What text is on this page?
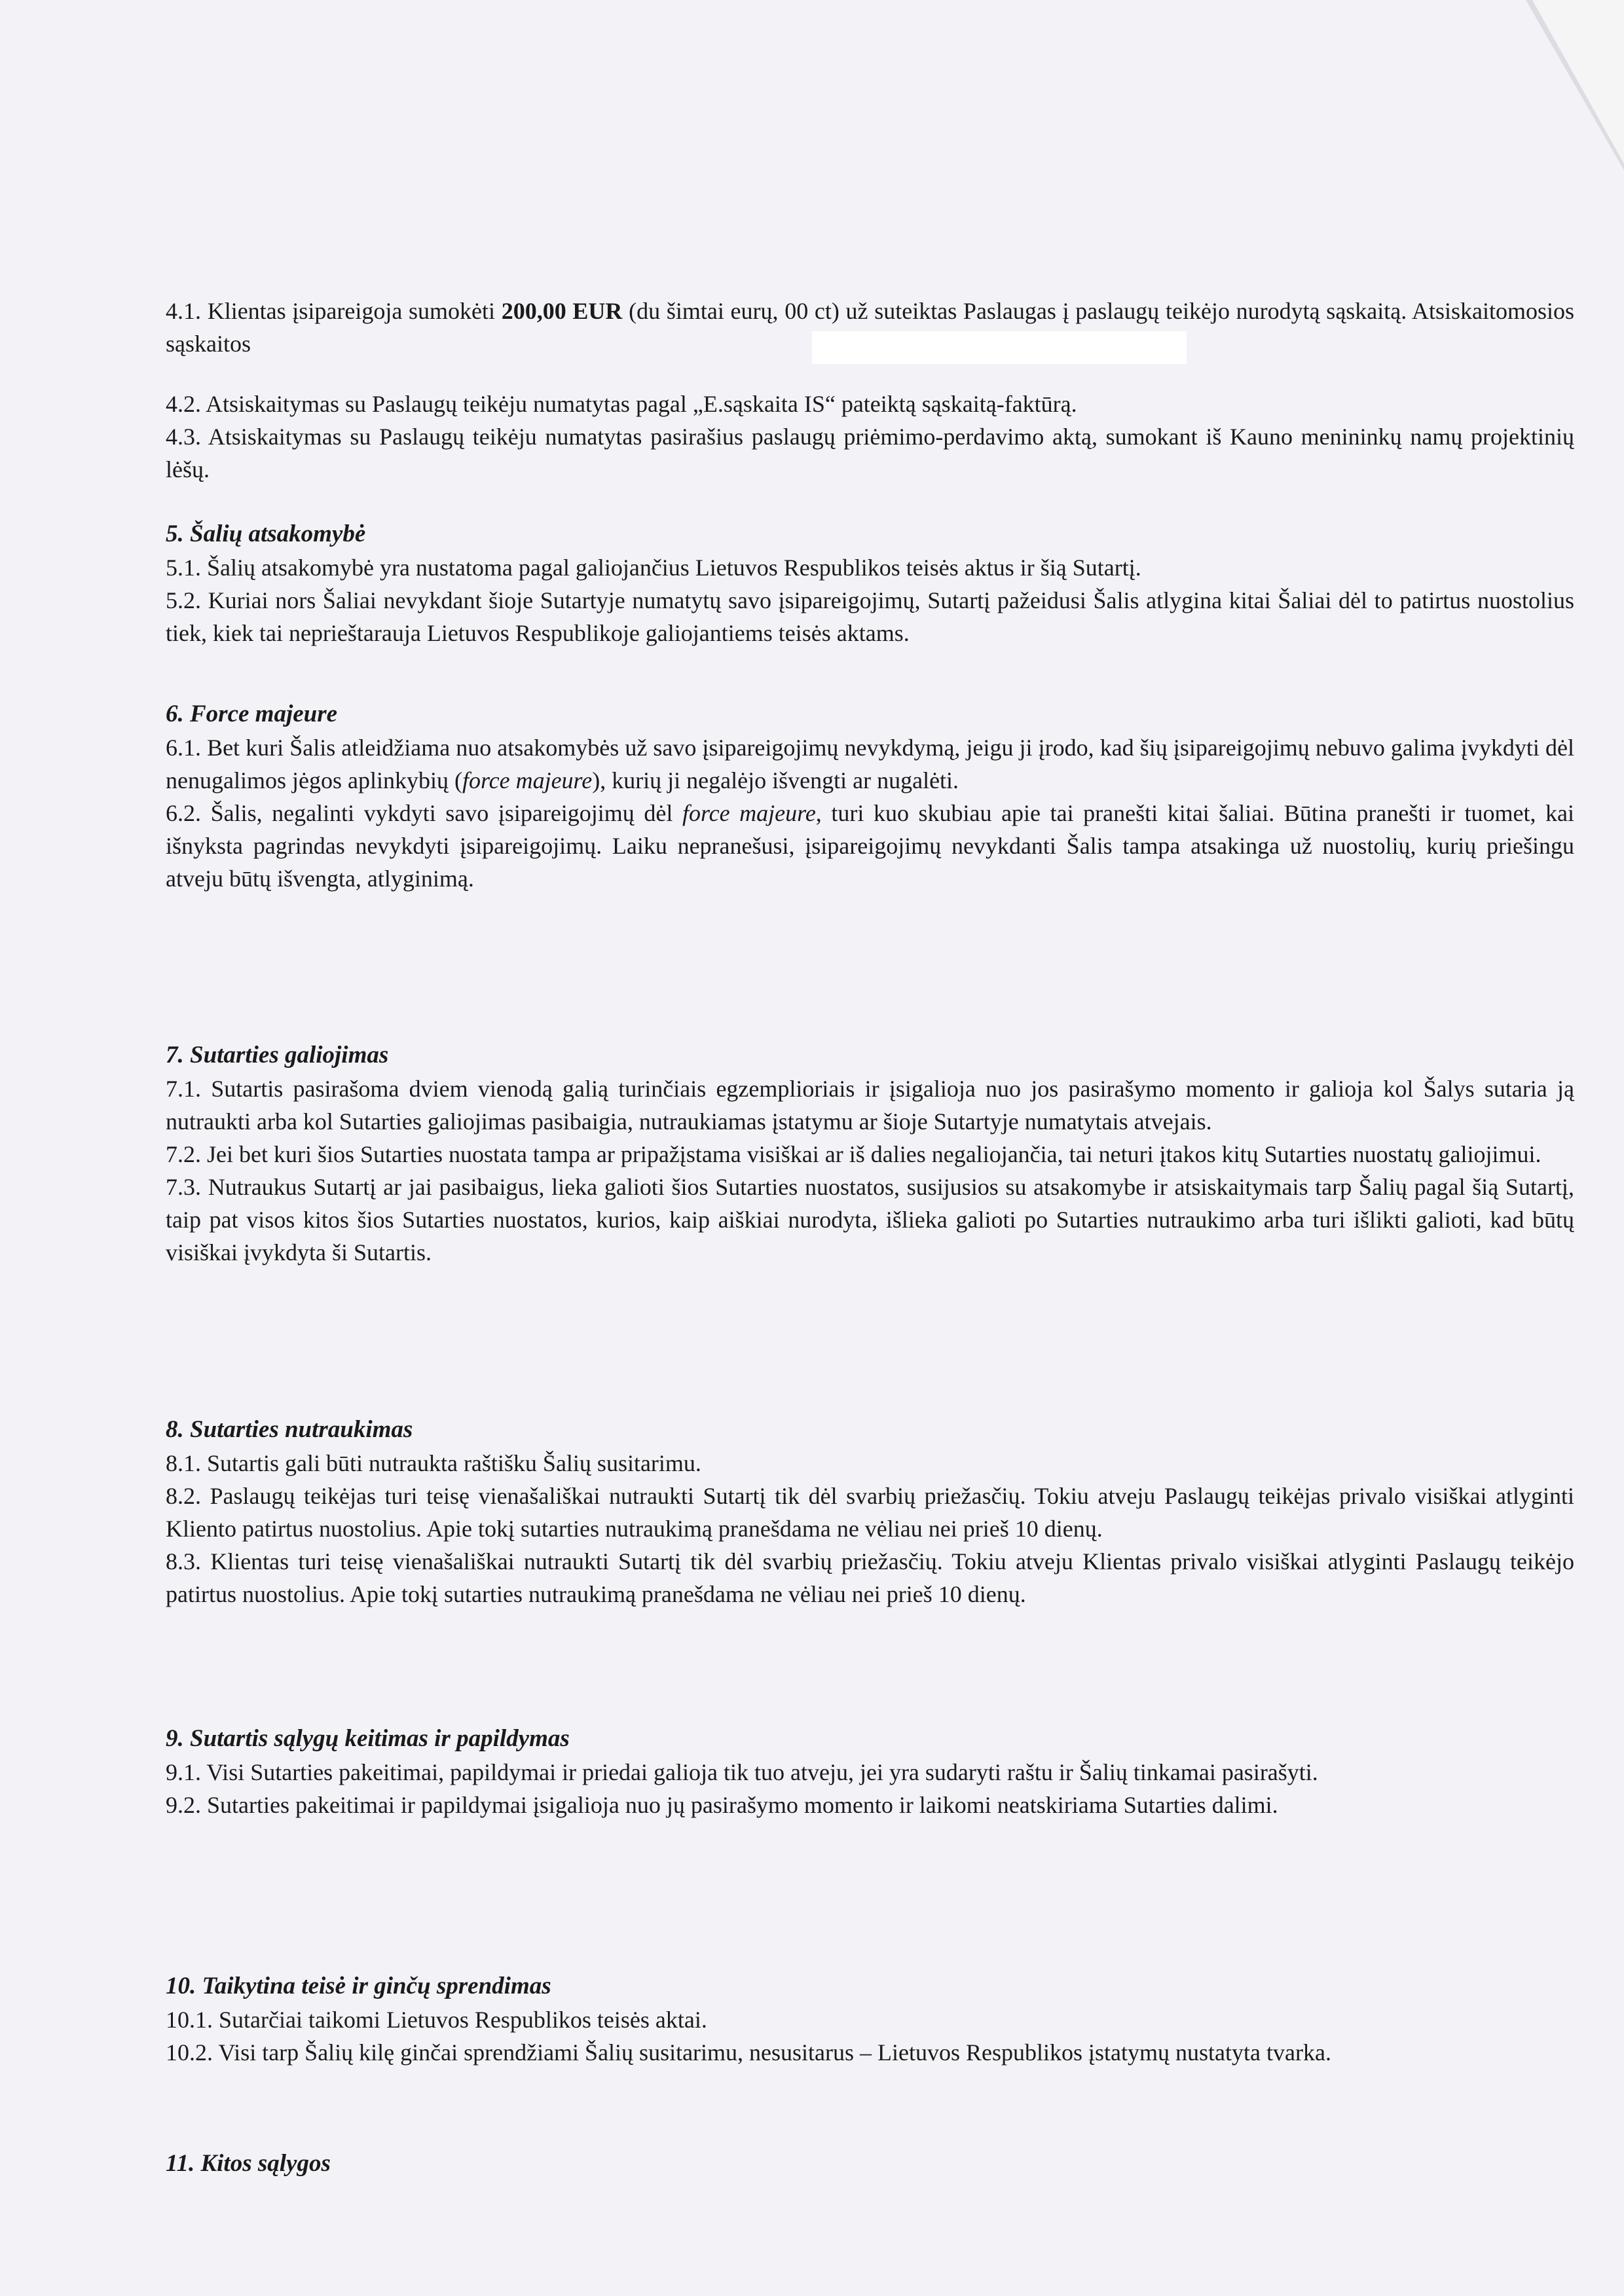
4.1. Klientas įsipareigoja sumokėti 200,00 EUR (du šimtai eurų, 00 ct) už suteiktas Paslaugas į paslaugų teikėjo nurodytą sąskaitą. Atsiskaitomosios sąskaitos

4.2. Atsiskaitymas su Paslaugų teikėju numatytas pagal „E.sąskaita IS“ pateiktą sąskaitą-faktūrą.

4.3. Atsiskaitymas su Paslaugų teikėju numatytas pasirašius paslaugų priėmimo-perdavimo aktą, sumokant iš Kauno menininkų namų projektinių lėšų.

5. Šalių atsakomybė

5.1. Šalių atsakomybė yra nustatoma pagal galiojančius Lietuvos Respublikos teisės aktus ir šią Sutartį.

5.2. Kuriai nors Šaliai nevykdant šioje Sutartyje numatytų savo įsipareigojimų, Sutartį pažeidusi Šalis atlygina kitai Šaliai dėl to patirtus nuostolius tiek, kiek tai neprieštarauja Lietuvos Respublikoje galiojantiems teisės aktams.

6. Force majeure

6.1. Bet kuri Šalis atleidžiama nuo atsakomybės už savo įsipareigojimų nevykdymą, jeigu ji įrodo, kad šių įsipareigojimų nebuvo galima įvykdyti dėl nenugalimos jėgos aplinkybių (force majeure), kurių ji negalėjo išvengti ar nugalėti.

6.2. Šalis, negalinti vykdyti savo įsipareigojimų dėl force majeure, turi kuo skubiau apie tai pranešti kitai šaliai. Būtina pranešti ir tuomet, kai išnyksta pagrindas nevykdyti įsipareigojimų. Laiku nepranešusi, įsipareigojimų nevykdanti Šalis tampa atsakinga už nuostolių, kurių priešingu atveju būtų išvengta, atlyginimą.

7. Sutarties galiojimas

7.1. Sutartis pasirašoma dviem vienodą galią turinčiais egzemplioriais ir įsigalioja nuo jos pasirašymo momento ir galioja kol Šalys sutaria ją nutraukti arba kol Sutarties galiojimas pasibaigia, nutraukiamas įstatymu ar šioje Sutartyje numatytais atvejais.

7.2. Jei bet kuri šios Sutarties nuostata tampa ar pripažįstama visiškai ar iš dalies negaliojančia, tai neturi įtakos kitų Sutarties nuostatų galiojimui.

7.3. Nutraukus Sutartį ar jai pasibaigus, lieka galioti šios Sutarties nuostatos, susijusios su atsakomybe ir atsiskaitymais tarp Šalių pagal šią Sutartį, taip pat visos kitos šios Sutarties nuostatos, kurios, kaip aiškiai nurodyta, išlieka galioti po Sutarties nutraukimo arba turi išlikti galioti, kad būtų visiškai įvykdyta ši Sutartis.

8. Sutarties nutraukimas

8.1. Sutartis gali būti nutraukta raštišku Šalių susitarimu.

8.2. Paslaugų teikėjas turi teisę vienašališkai nutraukti Sutartį tik dėl svarbių priežasčių. Tokiu atveju Paslaugų teikėjas privalo visiškai atlyginti Kliento patirtus nuostolius. Apie tokį sutarties nutraukimą pranešdama ne vėliau nei prieš 10 dienų.

8.3. Klientas turi teisę vienašališkai nutraukti Sutartį tik dėl svarbių priežasčių. Tokiu atveju Klientas privalo visiškai atlyginti Paslaugų teikėjo patirtus nuostolius. Apie tokį sutarties nutraukimą pranešdama ne vėliau nei prieš 10 dienų.

9. Sutartis sąlygų keitimas ir papildymas

9.1. Visi Sutarties pakeitimai, papildymai ir priedai galioja tik tuo atveju, jei yra sudaryti raštu ir Šalių tinkamai pasirašyti.

9.2. Sutarties pakeitimai ir papildymai įsigalioja nuo jų pasirašymo momento ir laikomi neatskiriama Sutarties dalimi.

10. Taikytina teisė ir ginčų sprendimas

10.1. Sutarčiai taikomi Lietuvos Respublikos teisės aktai.

10.2. Visi tarp Šalių kilę ginčai sprendžiami Šalių susitarimu, nesusitarus – Lietuvos Respublikos įstatymų nustatyta tvarka.

11. Kitos sąlygos
